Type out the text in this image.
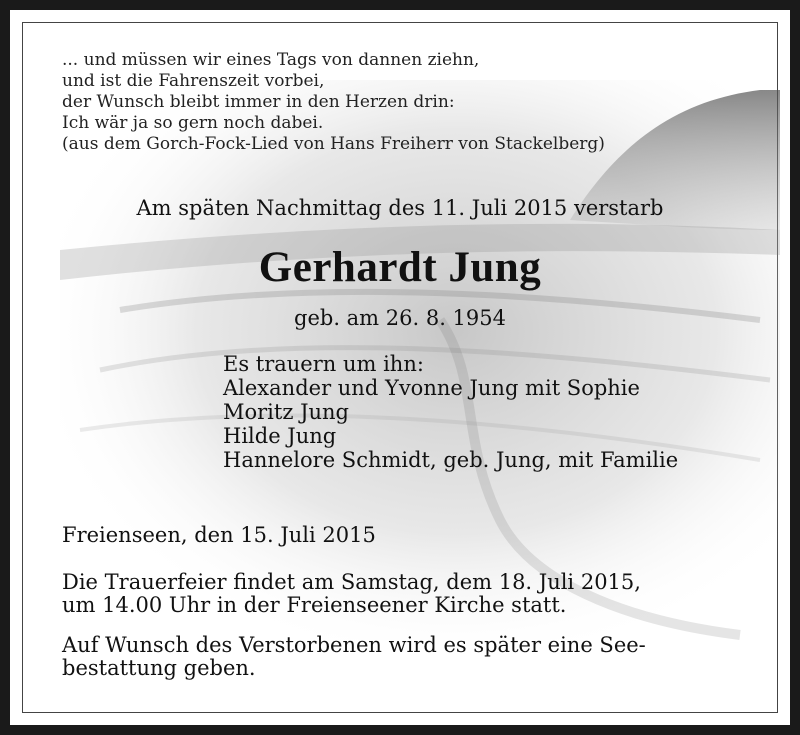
... und müssen wir eines Tags von dannen ziehn,
und ist die Fahrenszeit vorbei,
der Wunsch bleibt immer in den Herzen drin:
Ich wär ja so gern noch dabei.
(aus dem Gorch-Fock-Lied von Hans Freiherr von Stackelberg)
Am späten Nachmittag des 11. Juli 2015 verstarb
Gerhardt Jung
geb. am 26. 8. 1954
Es trauern um ihn:
Alexander und Yvonne Jung mit Sophie
Moritz Jung
Hilde Jung
Hannelore Schmidt, geb. Jung, mit Familie
Freienseen, den 15. Juli 2015
Die Trauerfeier findet am Samstag, dem 18. Juli 2015,
um 14.00 Uhr in der Freienseener Kirche statt.
Auf Wunsch des Verstorbenen wird es später eine See-
bestattung geben.
